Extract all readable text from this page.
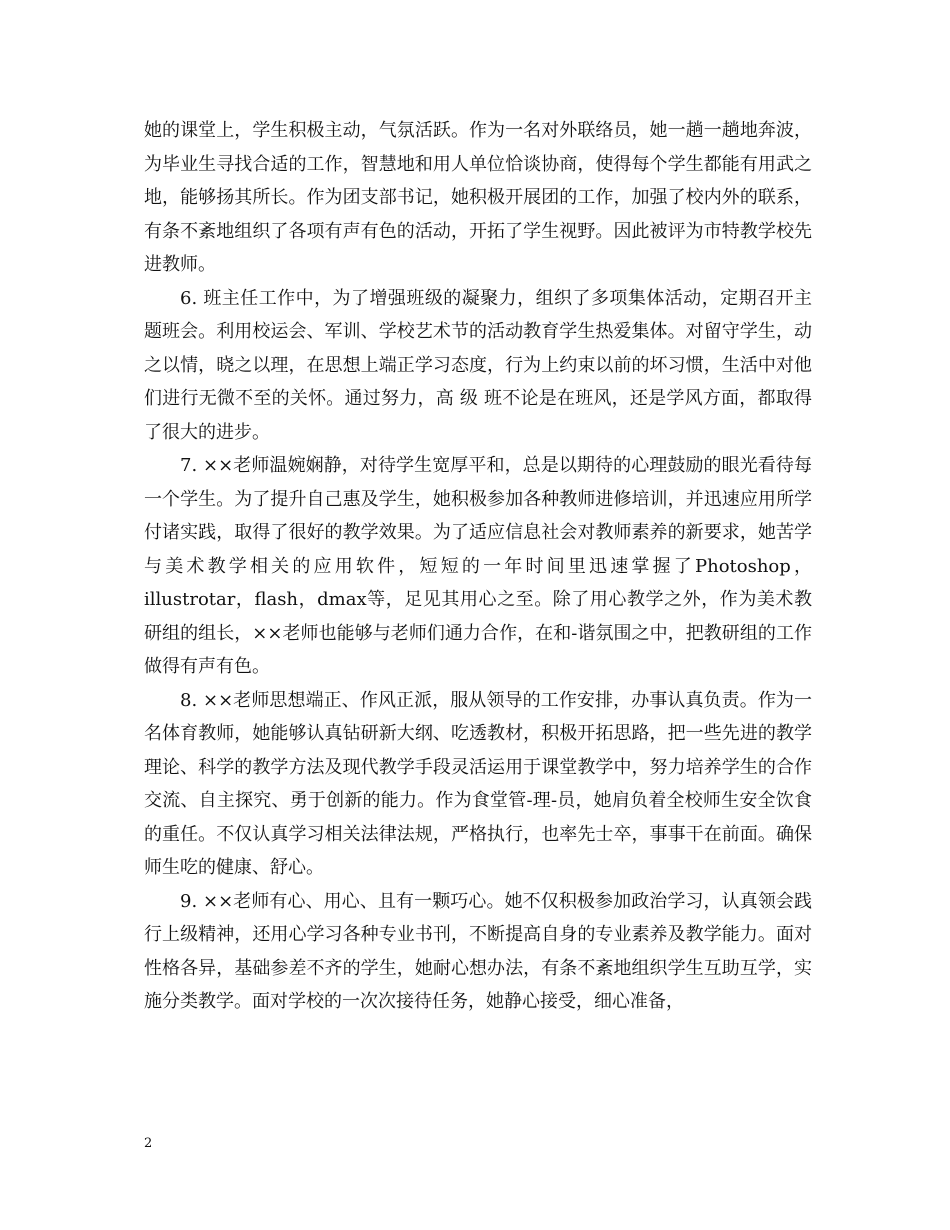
她的课堂上，学生积极主动，气氛活跃。作为一名对外联络员，她一趟一趟地奔波，为毕业生寻找合适的工作，智慧地和用人单位恰谈协商，使得每个学生都能有用武之地，能够扬其所长。作为团支部书记，她积极开展团的工作，加强了校内外的联系，有条不紊地组织了各项有声有色的活动，开拓了学生视野。因此被评为市特教学校先进教师。

6. 班主任工作中，为了增强班级的凝聚力，组织了多项集体活动，定期召开主题班会。利用校运会、军训、学校艺术节的活动教育学生热爱集体。对留守学生，动之以情，晓之以理，在思想上端正学习态度，行为上约束以前的坏习惯，生活中对他们进行无微不至的关怀。通过努力，高 级 班不论是在班风，还是学风方面，都取得了很大的进步。

7. ××老师温婉娴静，对待学生宽厚平和，总是以期待的心理鼓励的眼光看待每一个学生。为了提升自己惠及学生，她积极参加各种教师进修培训，并迅速应用所学付诸实践，取得了很好的教学效果。为了适应信息社会对教师素养的新要求，她苦学与美术教学相关的应用软件，短短的一年时间里迅速掌握了Photoshop，illustrotar，flash，dmax等，足见其用心之至。除了用心教学之外，作为美术教研组的组长，××老师也能够与老师们通力合作，在和-谐氛围之中，把教研组的工作做得有声有色。

8. ××老师思想端正、作风正派，服从领导的工作安排，办事认真负责。作为一名体育教师，她能够认真钻研新大纲、吃透教材，积极开拓思路，把一些先进的教学理论、科学的教学方法及现代教学手段灵活运用于课堂教学中，努力培养学生的合作交流、自主探究、勇于创新的能力。作为食堂管-理-员，她肩负着全校师生安全饮食的重任。不仅认真学习相关法律法规，严格执行，也率先士卒，事事干在前面。确保师生吃的健康、舒心。

9. ××老师有心、用心、且有一颗巧心。她不仅积极参加政治学习，认真领会践行上级精神，还用心学习各种专业书刊，不断提高自身的专业素养及教学能力。面对性格各异，基础参差不齐的学生，她耐心想办法，有条不紊地组织学生互助互学，实施分类教学。面对学校的一次次接待任务，她静心接受，细心准备，

2
